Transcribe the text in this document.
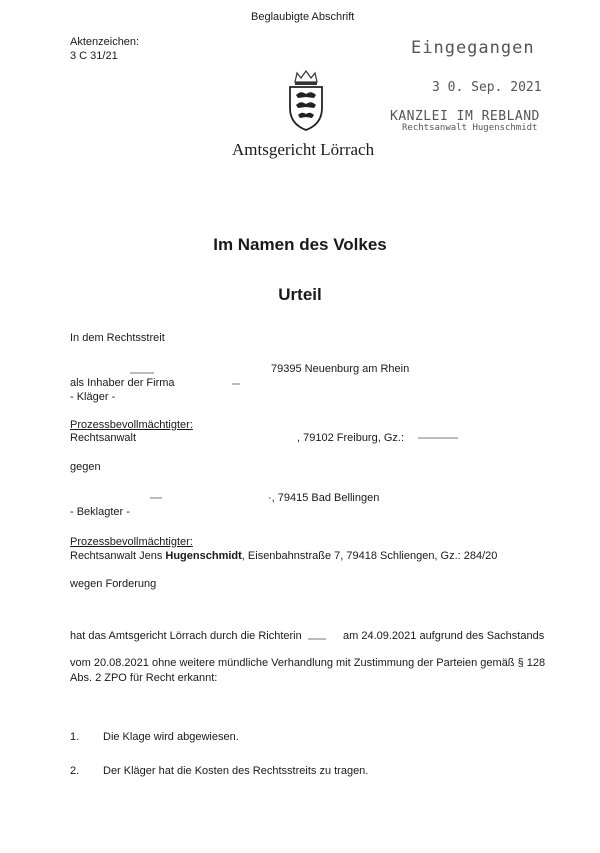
Beglaubigte Abschrift
Aktenzeichen:
3 C 31/21	Eingegangen
3 0. Sep. 2021
KANZLEI IM REBLAND
Rechtsanwalt Hugenschmidt
Amtsgericht Lörrach
Im Namen des Volkes
Urteil
In dem Rechtsstreit
79395 Neuenburg am Rhein
als Inhaber der Firma
- Kläger -
Prozessbevollmächtigter:
Rechtsanwalt	, 79102 Freiburg, Gz.:
gegen
·, 79415 Bad Bellingen
- Beklagter -
Prozessbevollmächtigter:
Rechtsanwalt Jens Hugenschmidt, Eisenbahnstraße 7, 79418 Schliengen, Gz.: 284/20
wegen Forderung
hat das Amtsgericht Lörrach durch die Richterin	am 24.09.2021 aufgrund des Sachstands
vom 20.08.2021 ohne weitere mündliche Verhandlung mit Zustimmung der Parteien gemäß § 128
Abs. 2 ZPO für Recht erkannt:
1. Die Klage wird abgewiesen.
2. Der Kläger hat die Kosten des Rechtsstreits zu tragen.
